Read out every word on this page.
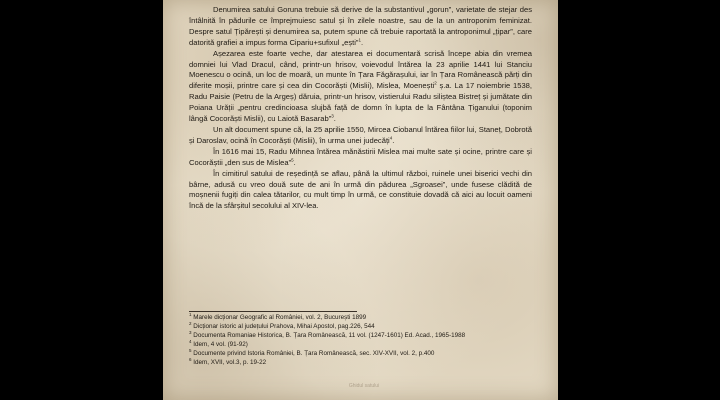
Denumirea satului Goruna trebuie să derive de la substantivul „gorun”, varietate de stejar des întâlnită în pădurile ce împrejmuiesc satul și în zilele noastre, sau de la un antroponim feminizat. Despre satul Țipărești și denumirea sa, putem spune că trebuie raportată la antroponimul „țipar”, care datorită grafiei a impus forma Cipariu+sufixul „ești”$^1$.

Așezarea este foarte veche, dar atestarea ei documentară scrisă începe abia din vremea domniei lui Vlad Dracul, când, printr-un hrisov, voievodul întărea la 23 aprilie 1441 lui Stanciu Moenescu o ocină, un loc de moară, un munte în Țara Făgărașului, iar în Țara Românească părți din diferite moșii, printre care și cea din Cocorăști (Mislii), Mislea, Moenești$^2$ ș.a. La 17 noiembrie 1538, Radu Paisie (Petru de la Argeș) dăruia, printr-un hrisov, vistierului Radu siliștea Bistreț și jumătate din Poiana Urății „pentru credincioasa slujbă față de domn în lupta de la Fântâna Țiganului (toponim lângă Cocorăști Mislii), cu Laiotă Basarab”$^3$.

Un alt document spune că, la 25 aprilie 1550, Mircea Ciobanul întărea fiilor lui, Staneț, Dobrotă și Daroslav, ocină în Cocorăști (Mislii), în urma unei judecăți$^4$.

În 1616 mai 15, Radu Mihnea întărea mănăstirii Mislea mai multe sate și ocine, printre care și Cocorăștii „den sus de Mislea”$^5$.

În cimitirul satului de reședință se aflau, până la ultimul război, ruinele unei biserici vechi din bârne, adusă cu vreo două sute de ani în urmă din pădurea „Sgroasei”, unde fusese clădită de moșnenii fugiți din calea tătarilor, cu mult timp în urmă, ce constituie dovadă că aici au locuit oameni încă de la sfârșitul secolului al XIV-lea.

$^1$ Marele dicționar Geografic al României, vol. 2, București 1899
$^2$ Dicționar istoric al județului Prahova, Mihai Apostol, pag.226, 544
$^3$ Documenta Romaniae Historica, B. Țara Românească, 11 vol. (1247-1601) Ed. Acad., 1965-1988
$^4$ Idem, 4 vol. (91-92)
$^5$ Documente privind Istoria României, B. Țara Românească, sec. XIV-XVII, vol. 2, p.400
$^6$ Idem, XVII, vol.3, p. 19-22
Ghidul satului
